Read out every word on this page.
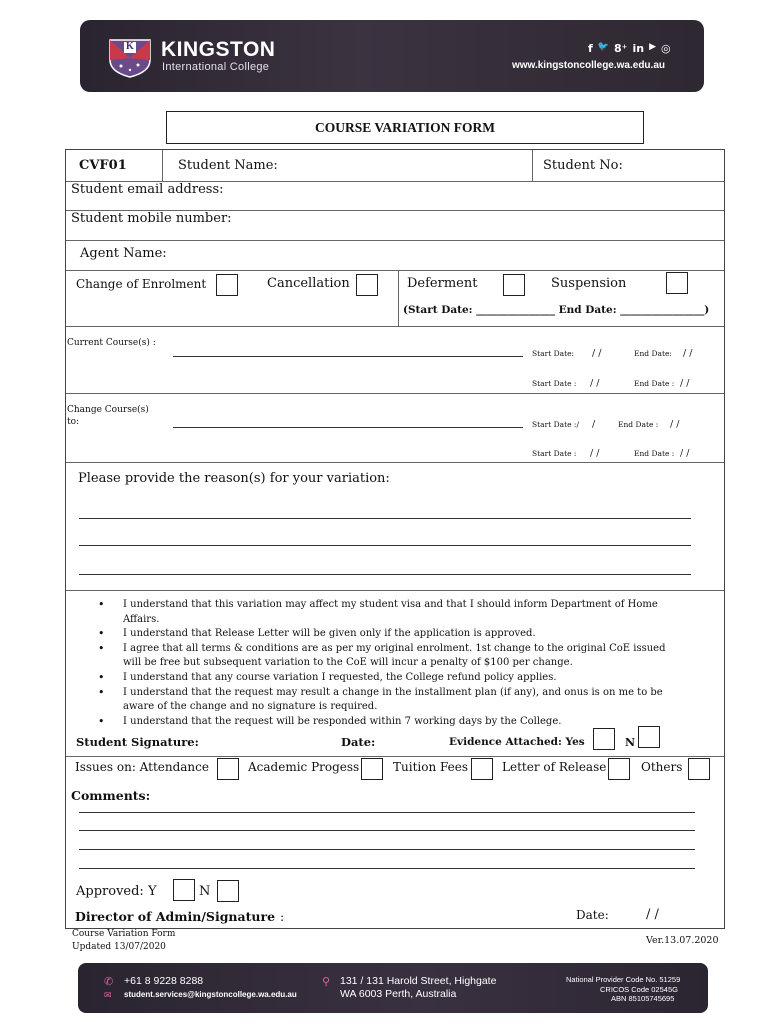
K KINGSTON
International College
f 🐦 8⁺ in ▶ ◎
www.kingstoncollege.wa.edu.au
COURSE VARIATION FORM
CVF01	Student Name:	Student No:
Student email address:
Student mobile number:
Agent Name:
Change of Enrolment	Cancellation	Deferment	Suspension
(Start Date: _______________ End Date: ________________)
Current Course(s) :
Start Date: / /	End Date: / /
Start Date : / /	End Date : / /
Change Course(s)
to:	Start Date :/ /	End Date : / /
Start Date : / /	End Date : / /
Please provide the reason(s) for your variation:
Student Signature:	Date:	Evidence Attached: Yes	N
Issues on: Attendance	Academic Progess	Tuition Fees	Letter of Release	Others
Comments:
Approved: Y	N
Director of Admin/Signature :	Date:	/ /
• I understand that this variation may affect my student visa and that I should inform Department of Home
Affairs.
• I understand that Release Letter will be given only if the application is approved.
• I agree that all terms & conditions are as per my original enrolment. 1st change to the original CoE issued
will be free but subsequent variation to the CoE will incur a penalty of $100 per change.
• I understand that any course variation I requested, the College refund policy applies.
• I understand that the request may result a change in the installment plan (if any), and onus is on me to be
aware of the change and no signature is required.
• I understand that the request will be responded within 7 working days by the College.
Course Variation Form
Updated 13/07/2020
Ver.13.07.2020
✆ +61 8 9228 8288
✉ student.services@kingstoncollege.wa.edu.au
⚲ 131 / 131 Harold Street, Highgate
WA 6003 Perth, Australia
National Provider Code No. 51259
CRICOS Code 02545G
ABN 85105745695
